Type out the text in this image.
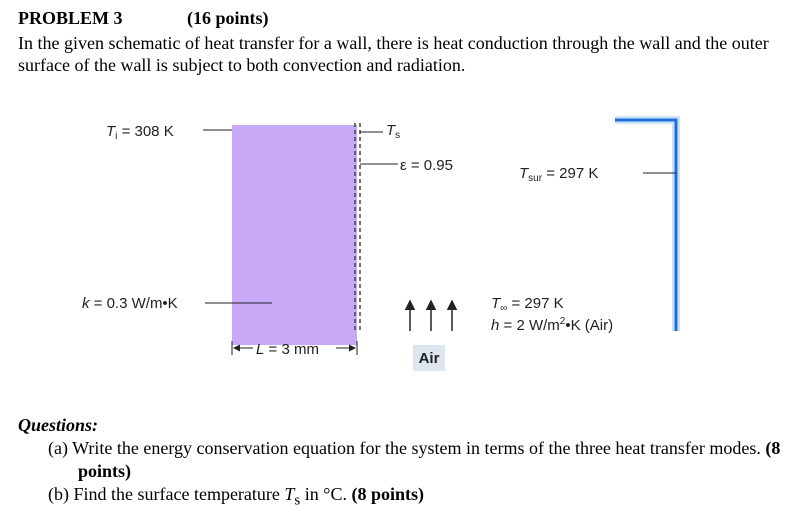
PROBLEM 3	(16 points)
In the given schematic of heat transfer for a wall, there is heat conduction through the wall and the outer surface of the wall is subject to both convection and radiation.
$T_i = 308$ K	$T_s$
ε = 0.95	$T_{sur} = 297$ K
k = 0.3 W/m•K	$T_\infty = 297$ K
h = 2 $W/m^2•K$ (Air)
L = 3 mm
Air
Questions:
(a) Write the energy conservation equation for the system in terms of the three heat transfer modes. (8 points)
(b) Find the surface temperature $T_s$ in °C. (8 points)
